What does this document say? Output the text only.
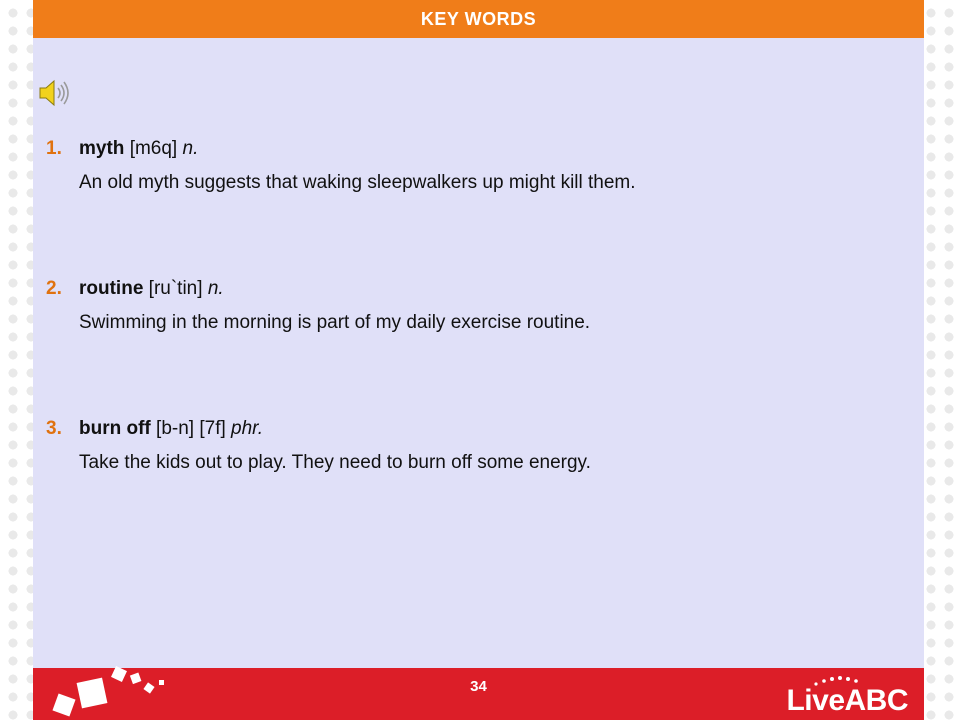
KEY WORDS
1. myth [m6q] n.
An old myth suggests that waking sleepwalkers up might kill them.
2. routine [ru`tin] n.
Swimming in the morning is part of my daily exercise routine.
3. burn off [b-n] [7f] phr.
Take the kids out to play. They need to burn off some energy.
34	LiveABC
